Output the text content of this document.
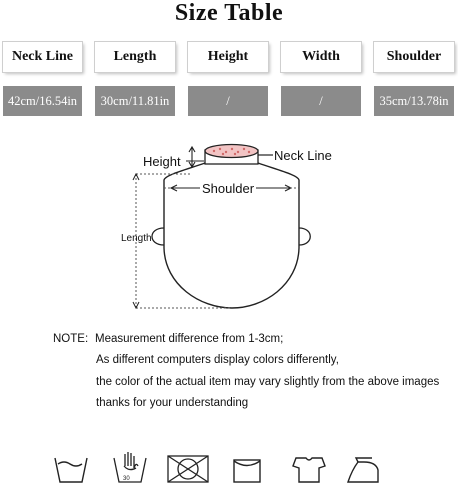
Size Table
Neck Line	Length	Height	Width	Shoulder
42cm/16.54in	30cm/11.81in	/	/	35cm/13.78in
Height	Neck Line
Shoulder
Length
NOTE: Measurement difference from 1-3cm;
As different computers display colors differently,
the color of the actual item may vary slightly from the above images
thanks for your understanding
30
